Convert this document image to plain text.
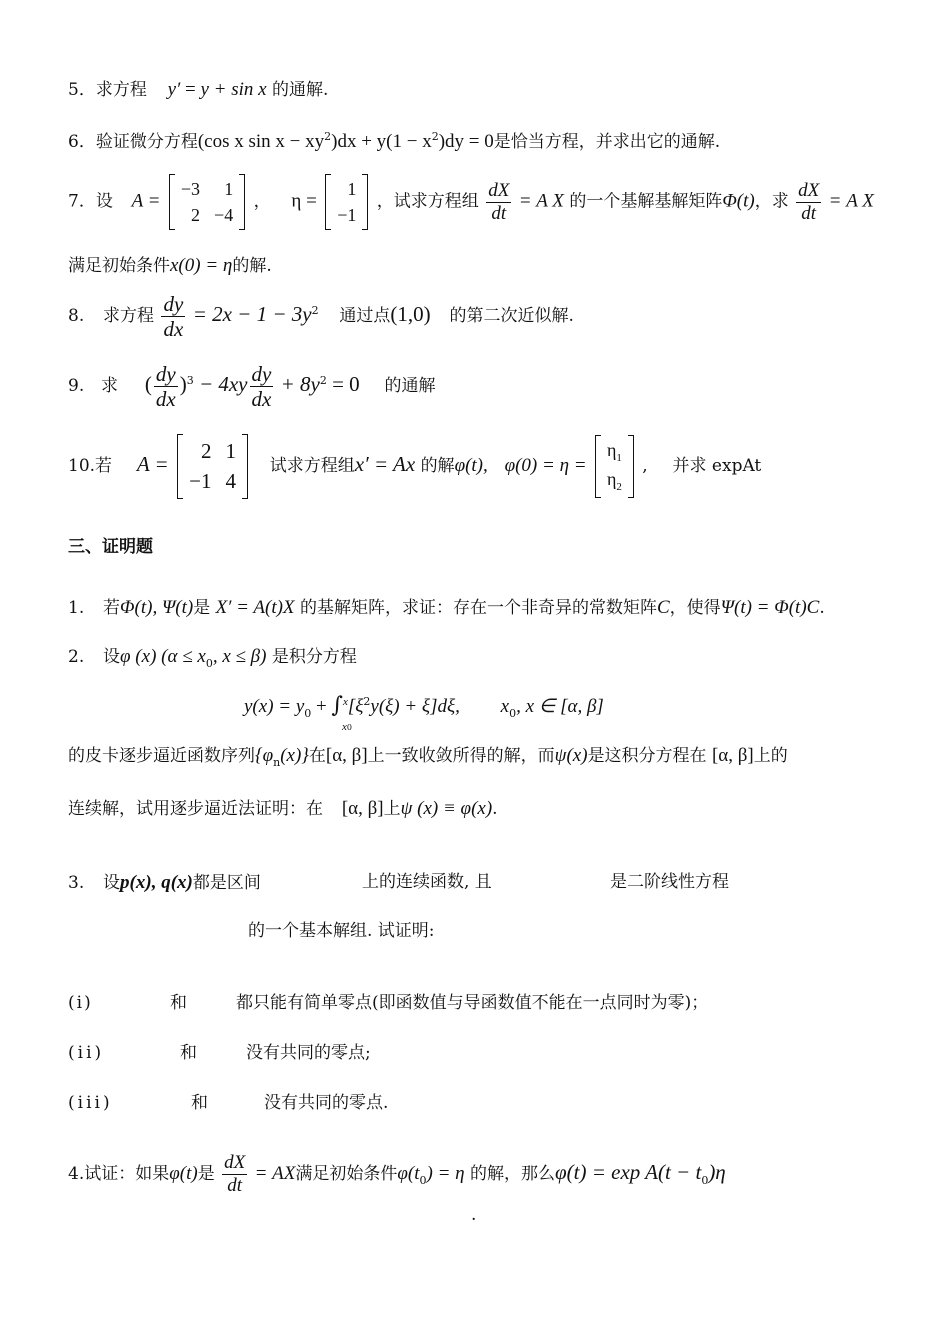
5．求方程 y′ = y + sin x 的通解.
6．验证微分方程(cos x $\sin x - xy^2)dx + y(1 - x^2)dy = 0$是恰当方程，并求出它的通解.
7．设 A =
−3	1
2 −4
， η =
1
−1
，试求方程组 $\frac{dX}{dt} = A$ X 的一个基解基解矩阵Φ(t)，求 $\frac{dX}{dt} = A$ X
满足初始条件x(0) = η的解.
8. 求方程 $\frac{dy}{dx} = 2x - 1 - 3y^2$ 通过点(1,0) 的第二次近似解.
9. 求 ( $\frac{dy}{dx} )^3 - 4xy \frac{dy}{dx} + 8y^2 = 0$ 的通解
10.若 A =
2 1
−1 4
试求方程组x′ = Ax 的解φ(t), φ(0) = η =
$\eta_1$
$\eta_2$
, 并求 expAt
三、证明题
1. 若Φ(t), Ψ(t)是 X′ = A(t)X 的基解矩阵，求证：存在一个非奇异的常数矩阵C，使得Ψ(t) = Φ(t)C.
2. 设φ (x) ($\alpha \le x_0$, x ≤ β) 是积分方程
$y(x) = y_0 + \int^x[\xi^2y(\xi) + \xi]d\xi$, $x_0$, x ∈ [α, β]
x0
的皮卡逐步逼近函数序列$\{\varphi_n(x)\}$在[α, β]上一致收敛所得的解，而ψ(x)是这积分方程在 [α, β]上的
连续解，试用逐步逼近法证明：在 [α, β]上ψ (x) ≡ φ(x).
3. 设p(x), q(x)都是区间	上的连续函数, 且	是二阶线性方程
的一个基本解组. 试证明:
(i)	和	都只能有简单零点(即函数值与导函数值不能在一点同时为零)；
(ii)	和	没有共同的零点;
(iii)	和	没有共同的零点.
4.试证：如果φ(t)是 $\frac{dX}{dt}$ = AX满足初始条件$\varphi(t_0) = \eta$ 的解，那么$\varphi(t) = \exp A(t - t_0)\eta$
.
